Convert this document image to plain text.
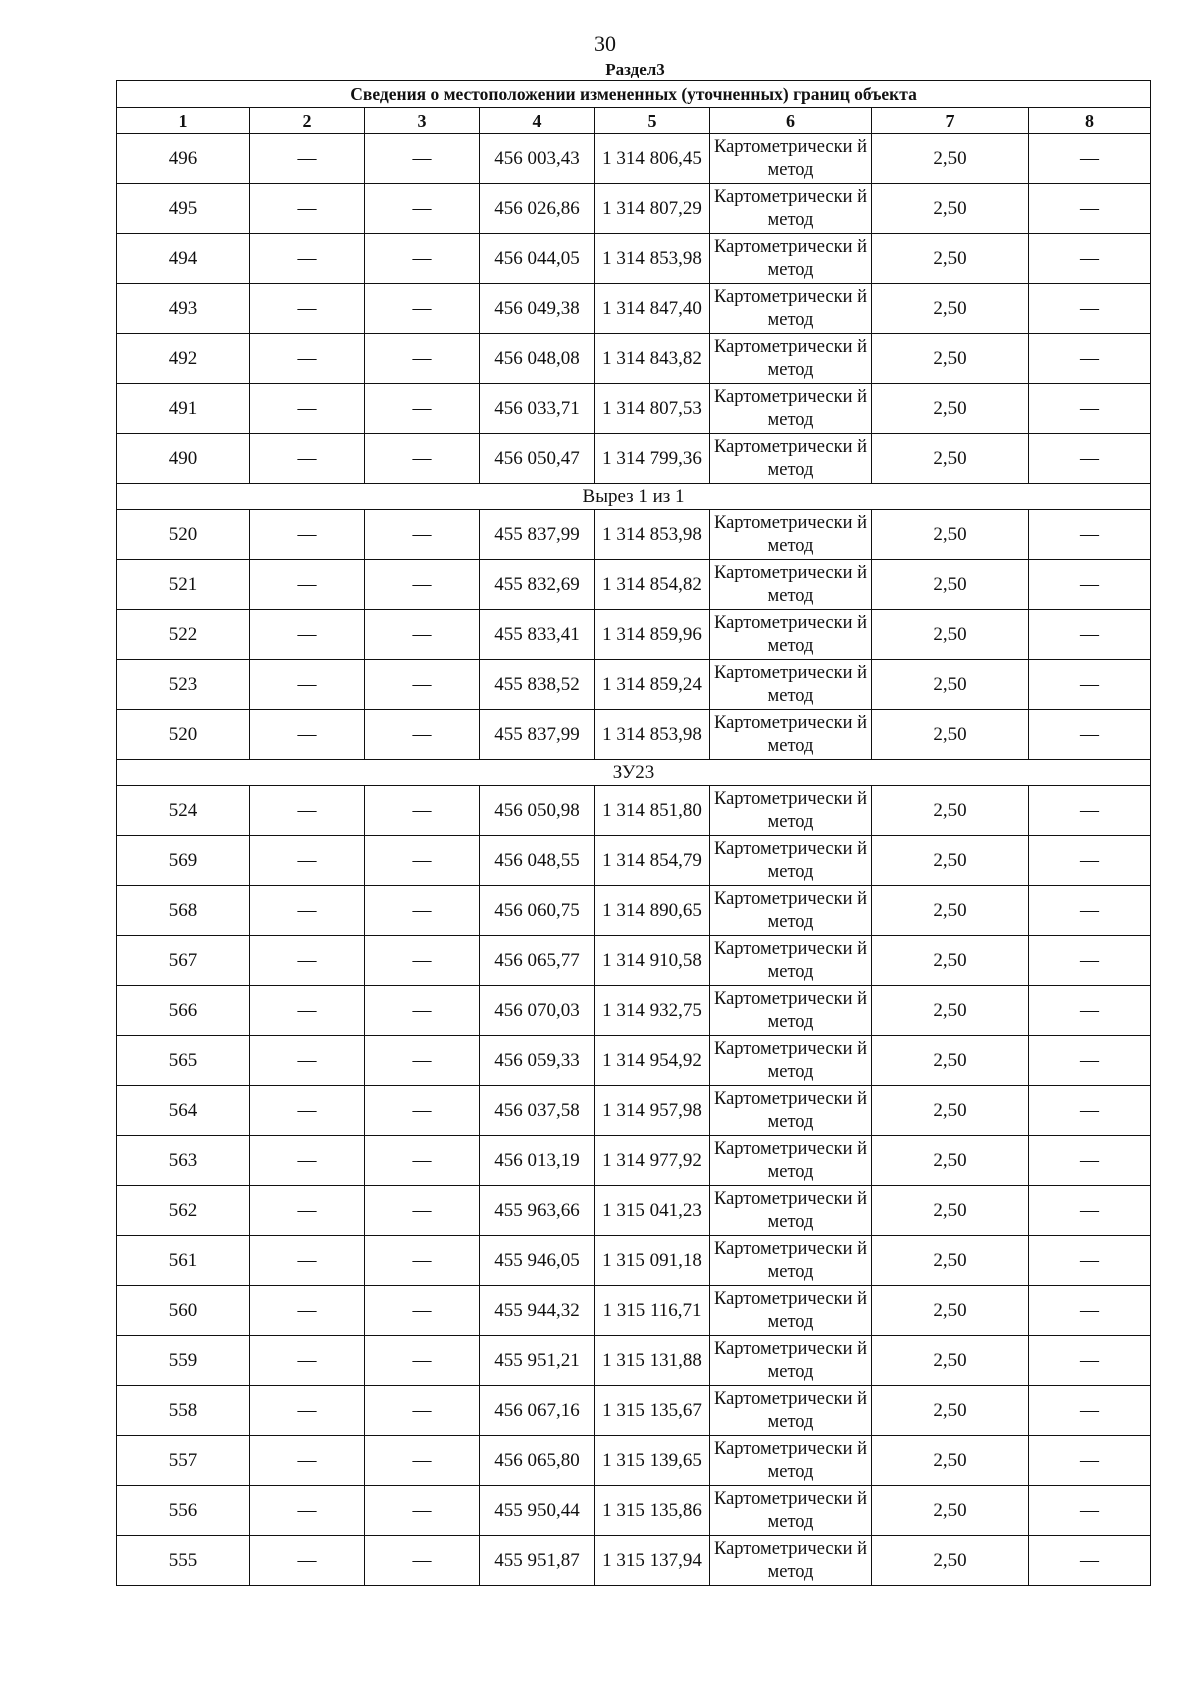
30
Раздел3
Сведения о местоположении измененных (уточненных) границ объекта							
1	2	3	4	5	6	7	8
496	—	—	456 003,43	1 314 806,45	Картометрически й метод	2,50	—
495	—	—	456 026,86	1 314 807,29	Картометрически й метод	2,50	—
494	—	—	456 044,05	1 314 853,98	Картометрически й метод	2,50	—
493	—	—	456 049,38	1 314 847,40	Картометрически й метод	2,50	—
492	—	—	456 048,08	1 314 843,82	Картометрически й метод	2,50	—
491	—	—	456 033,71	1 314 807,53	Картометрически й метод	2,50	—
490	—	—	456 050,47	1 314 799,36	Картометрически й метод	2,50	—
Вырез 1 из 1							
520	—	—	455 837,99	1 314 853,98	Картометрически й метод	2,50	—
521	—	—	455 832,69	1 314 854,82	Картометрически й метод	2,50	—
522	—	—	455 833,41	1 314 859,96	Картометрически й метод	2,50	—
523	—	—	455 838,52	1 314 859,24	Картометрически й метод	2,50	—
520	—	—	455 837,99	1 314 853,98	Картометрически й метод	2,50	—
ЗУ23							
524	—	—	456 050,98	1 314 851,80	Картометрически й метод	2,50	—
569	—	—	456 048,55	1 314 854,79	Картометрически й метод	2,50	—
568	—	—	456 060,75	1 314 890,65	Картометрически й метод	2,50	—
567	—	—	456 065,77	1 314 910,58	Картометрически й метод	2,50	—
566	—	—	456 070,03	1 314 932,75	Картометрически й метод	2,50	—
565	—	—	456 059,33	1 314 954,92	Картометрически й метод	2,50	—
564	—	—	456 037,58	1 314 957,98	Картометрически й метод	2,50	—
563	—	—	456 013,19	1 314 977,92	Картометрически й метод	2,50	—
562	—	—	455 963,66	1 315 041,23	Картометрически й метод	2,50	—
561	—	—	455 946,05	1 315 091,18	Картометрически й метод	2,50	—
560	—	—	455 944,32	1 315 116,71	Картометрически й метод	2,50	—
559	—	—	455 951,21	1 315 131,88	Картометрически й метод	2,50	—
558	—	—	456 067,16	1 315 135,67	Картометрически й метод	2,50	—
557	—	—	456 065,80	1 315 139,65	Картометрически й метод	2,50	—
556	—	—	455 950,44	1 315 135,86	Картометрически й метод	2,50	—
555	—	—	455 951,87	1 315 137,94	Картометрически й метод	2,50	—
